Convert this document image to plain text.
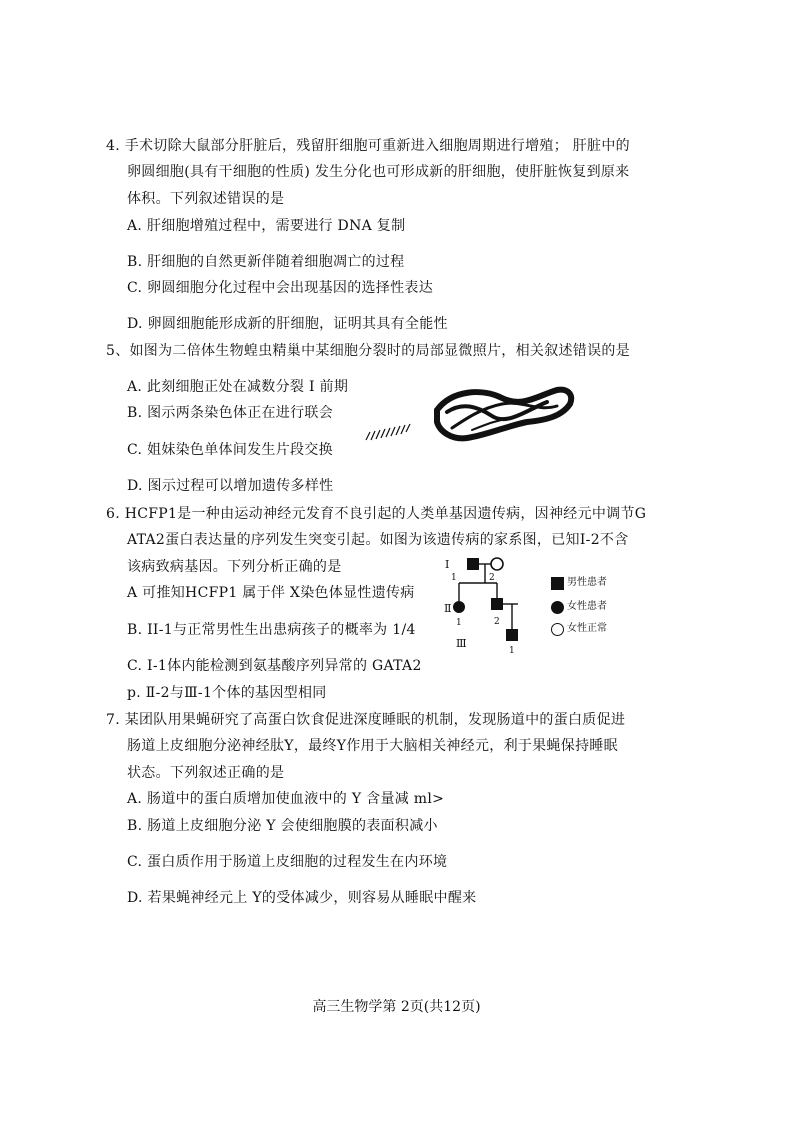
4. 手术切除大鼠部分肝脏后，残留肝细胞可重新进入细胞周期进行增殖； 肝脏中的
卵圆细胞(具有干细胞的性质) 发生分化也可形成新的肝细胞，使肝脏恢复到原来
体积。下列叙述错误的是
A. 肝细胞增殖过程中，需要进行 DNA 复制
B. 肝细胞的自然更新伴随着细胞凋亡的过程
C. 卵圆细胞分化过程中会出现基因的选择性表达
D. 卵圆细胞能形成新的肝细胞，证明其具有全能性
5、如图为二倍体生物蝗虫精巢中某细胞分裂时的局部显微照片，相关叙述错误的是
A. 此刻细胞正处在减数分裂 I 前期
B. 图示两条染色体正在进行联会
C. 姐妹染色单体间发生片段交换
D. 图示过程可以增加遗传多样性
6. HCFP1是一种由运动神经元发育不良引起的人类单基因遗传病，因神经元中调节G
ATA2蛋白表达量的序列发生突变引起。如图为该遗传病的家系图，已知I-2不含
该病致病基因。下列分析正确的是
A 可推知HCFP1 属于伴 X染色体显性遗传病
B. II-1与正常男性生出患病孩子的概率为 1/4
C. I-1体内能检测到氨基酸序列异常的 GATA2
p. Ⅱ-2与Ⅲ-1个体的基因型相同
I
Ⅱ
Ⅲ
2
1	2
1
1	男性患者
女性患者
女性正常
7. 某团队用果蝇研究了高蛋白饮食促进深度睡眠的机制，发现肠道中的蛋白质促进
肠道上皮细胞分泌神经肽Y，最终Y作用于大脑相关神经元，利于果蝇保持睡眠
状态。下列叙述正确的是
A. 肠道中的蛋白质增加使血液中的 Y 含量减 ml>
B. 肠道上皮细胞分泌 Y 会使细胞膜的表面积减小
C. 蛋白质作用于肠道上皮细胞的过程发生在内环境
D. 若果蝇神经元上 Y的受体减少，则容易从睡眠中醒来
高三生物学第 2页(共12页)
